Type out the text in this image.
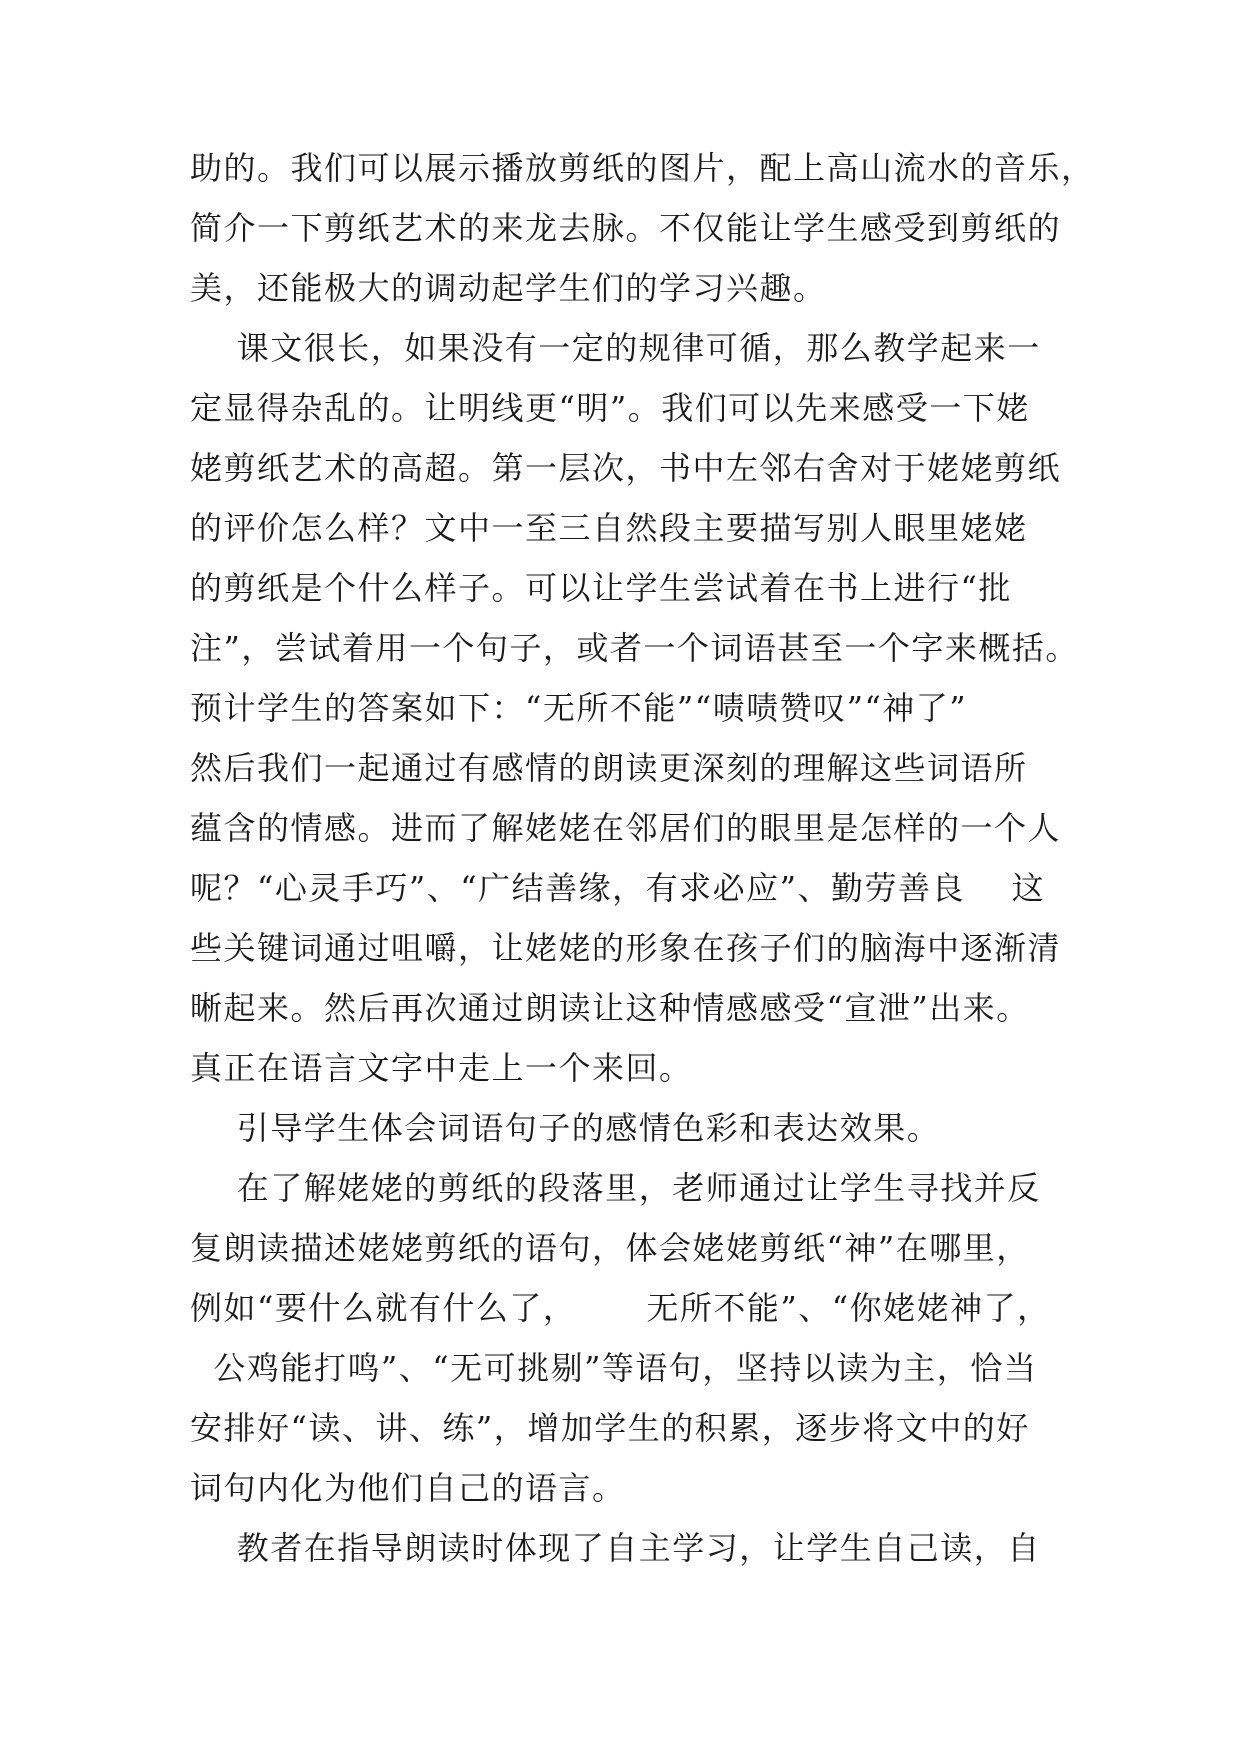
助的。我们可以展示播放剪纸的图片，配上高山流水的音乐，
简介一下剪纸艺术的来龙去脉。不仅能让学生感受到剪纸的
美，还能极大的调动起学生们的学习兴趣。
课文很长，如果没有一定的规律可循，那么教学起来一
定显得杂乱的。让明线更“明”。我们可以先来感受一下姥
姥剪纸艺术的高超。第一层次，书中左邻右舍对于姥姥剪纸
的评价怎么样？文中一至三自然段主要描写别人眼里姥姥
的剪纸是个什么样子。可以让学生尝试着在书上进行“批
注”，尝试着用一个句子，或者一个词语甚至一个字来概括。
预计学生的答案如下：“无所不能”“啧啧赞叹”“神了”
然后我们一起通过有感情的朗读更深刻的理解这些词语所
蕴含的情感。进而了解姥姥在邻居们的眼里是怎样的一个人
呢？“心灵手巧”、“广结善缘，有求必应”、勤劳善良    这
些关键词通过咀嚼，让姥姥的形象在孩子们的脑海中逐渐清
晰起来。然后再次通过朗读让这种情感感受“宣泄”出来。
真正在语言文字中走上一个来回。
引导学生体会词语句子的感情色彩和表达效果。
在了解姥姥的剪纸的段落里，老师通过让学生寻找并反
复朗读描述姥姥剪纸的语句，体会姥姥剪纸“神”在哪里，
例如“要什么就有什么了，      无所不能”、“你姥姥神了，
公鸡能打鸣”、“无可挑剔”等语句，坚持以读为主，恰当
安排好“读、讲、练”，增加学生的积累，逐步将文中的好
词句内化为他们自己的语言。
教者在指导朗读时体现了自主学习，让学生自己读，自
